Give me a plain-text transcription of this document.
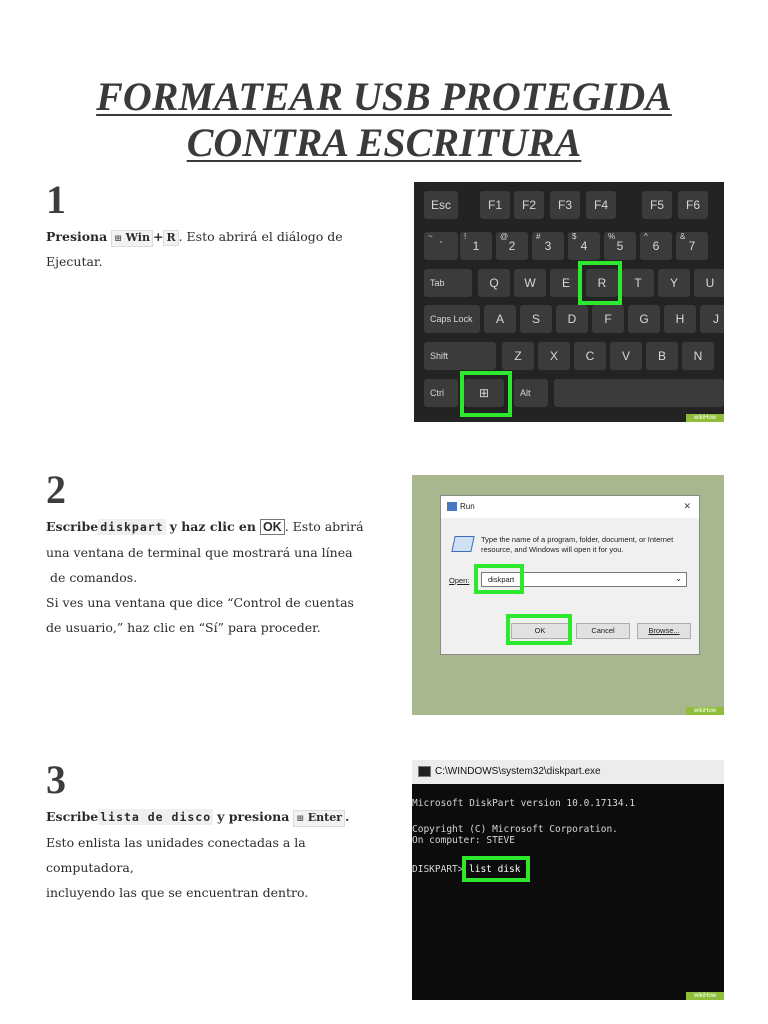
FORMATEAR USB PROTEGIDA
CONTRA ESCRITURA
1

Presiona ⊞ Win + R . Esto abrirá el diálogo de Ejecutar.

Esc	F1	F2	F3	F4	F5	F6
~
`
!
1
@
2
#
3
$
4
%
5
^
6
&
7
Tab	Q	W	E	R	T	Y	U
Caps Lock	A	S	D	F	G	H	J
Shift	Z	X	C	V	B	N
Ctrl	⊞	Alt
wikiHow
2
Escribe diskpart y haz clic en OK . Esto abrirá
una ventana de terminal que mostrará una línea
de comandos.
Si ves una ventana que dice “Control de cuentas
de usuario,” haz clic en “Sí” para proceder.
Run	✕
Type the name of a program, folder, document, or Internet resource, and Windows will open it for you.
Open: diskpart	⌄
OK	Cancel	Browse...
wikiHow
3
Escribe lista de disco y presiona ⊞ Enter .
Esto enlista las unidades conectadas a la computadora,
incluyendo las que se encuentran dentro.
C:\WINDOWS\system32\diskpart.exe
Microsoft DiskPart version 10.0.17134.1
Copyright (C) Microsoft Corporation.
On computer: STEVE
DISKPART> list disk
wikiHow
